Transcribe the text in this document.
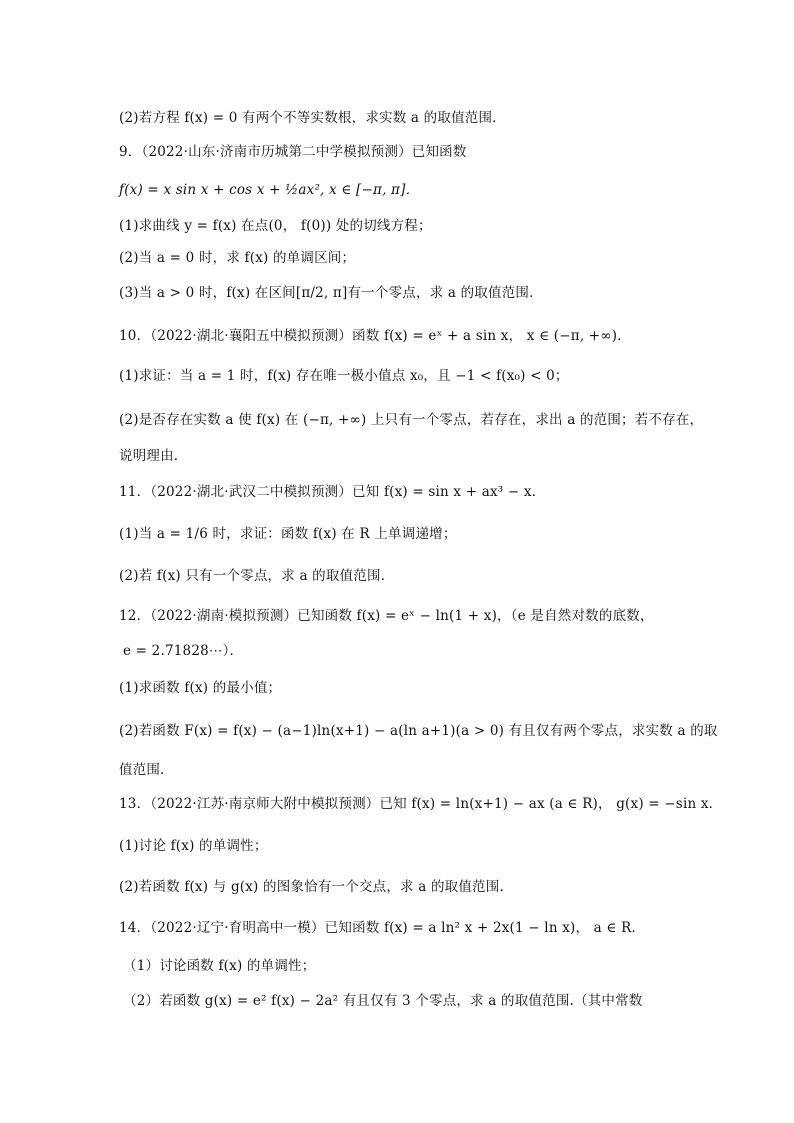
(2)若方程 f(x) = 0 有两个不等实数根，求实数 a 的取值范围．
9．（2022·山东·济南市历城第二中学模拟预测）已知函数
f(x) = x sin x + cos x + ½ax², x ∈ [−π, π]．
(1)求曲线 y = f(x) 在点(0， f(0)) 处的切线方程；
(2)当 a = 0 时，求 f(x) 的单调区间；
(3)当 a > 0 时，f(x) 在区间[π/2, π]有一个零点，求 a 的取值范围．
10．（2022·湖北·襄阳五中模拟预测）函数 f(x) = eˣ + a sin x， x ∈ (−π, +∞)．
(1)求证：当 a = 1 时，f(x) 存在唯一极小值点 x₀，且 −1 < f(x₀) < 0；
(2)是否存在实数 a 使 f(x) 在 (−π, +∞) 上只有一个零点，若存在，求出 a 的范围；若不存在，
说明理由.
11．（2022·湖北·武汉二中模拟预测）已知 f(x) = sin x + ax³ − x．
(1)当 a = 1/6 时，求证：函数 f(x) 在 R 上单调递增；
(2)若 f(x) 只有一个零点，求 a 的取值范围.
12．（2022·湖南·模拟预测）已知函数 f(x) = eˣ − ln(1 + x)，（e 是自然对数的底数，
e = 2.71828⋯）．
(1)求函数 f(x) 的最小值；
(2)若函数 F(x) = f(x) − (a−1)ln(x+1) − a(ln a+1)(a > 0) 有且仅有两个零点，求实数 a 的取
值范围．
13．（2022·江苏·南京师大附中模拟预测）已知 f(x) = ln(x+1) − ax (a ∈ R)， g(x) = −sin x．
(1)讨论 f(x) 的单调性；
(2)若函数 f(x) 与 g(x) 的图象恰有一个交点，求 a 的取值范围.
14．（2022·辽宁·育明高中一模）已知函数 f(x) = a ln² x + 2x(1 − ln x)， a ∈ R．
（1）讨论函数 f(x) 的单调性；
（2）若函数 g(x) = e² f(x) − 2a² 有且仅有 3 个零点，求 a 的取值范围.（其中常数
